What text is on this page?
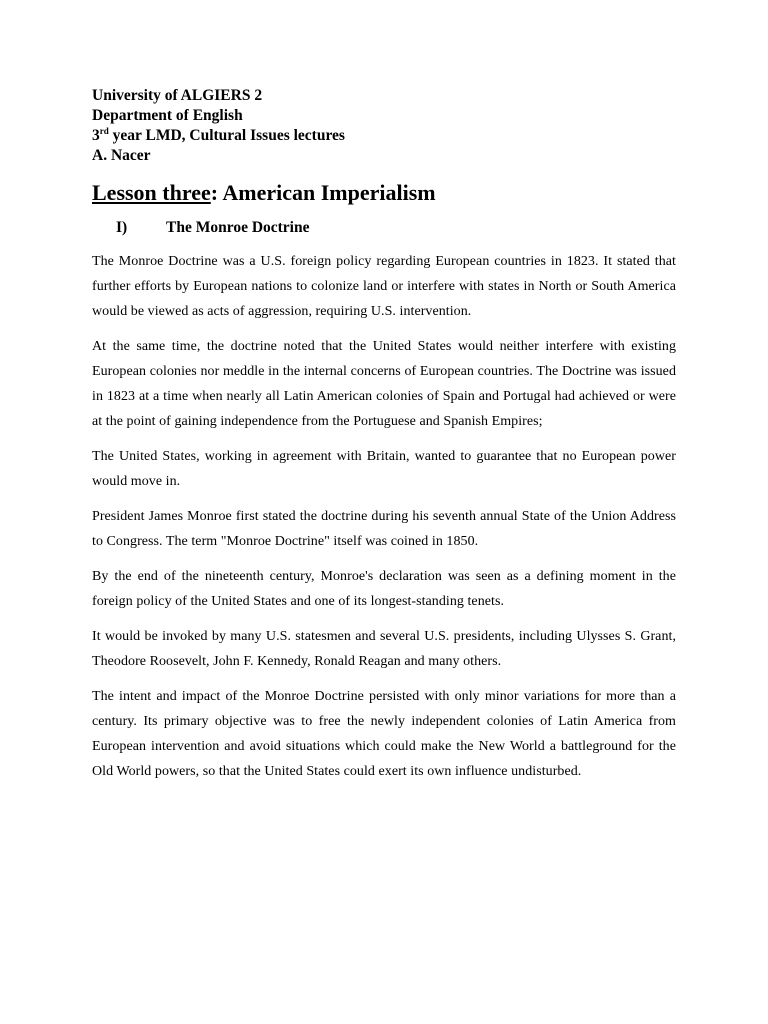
University of ALGIERS 2
Department of English
3rd year LMD, Cultural Issues lectures
A. Nacer
Lesson three: American Imperialism
I)	The Monroe Doctrine

The Monroe Doctrine was a U.S. foreign policy regarding European countries in 1823. It stated that further efforts by European nations to colonize land or interfere with states in North or South America would be viewed as acts of aggression, requiring U.S. intervention.

At the same time, the doctrine noted that the United States would neither interfere with existing European colonies nor meddle in the internal concerns of European countries. The Doctrine was issued in 1823 at a time when nearly all Latin American colonies of Spain and Portugal had achieved or were at the point of gaining independence from the Portuguese and Spanish Empires;

The United States, working in agreement with Britain, wanted to guarantee that no European power would move in.

President James Monroe first stated the doctrine during his seventh annual State of the Union Address to Congress. The term "Monroe Doctrine" itself was coined in 1850.

By the end of the nineteenth century, Monroe's declaration was seen as a defining moment in the foreign policy of the United States and one of its longest-standing tenets.

It would be invoked by many U.S. statesmen and several U.S. presidents, including Ulysses S. Grant, Theodore Roosevelt, John F. Kennedy, Ronald Reagan and many others.

The intent and impact of the Monroe Doctrine persisted with only minor variations for more than a century. Its primary objective was to free the newly independent colonies of Latin America from European intervention and avoid situations which could make the New World a battleground for the Old World powers, so that the United States could exert its own influence undisturbed.
